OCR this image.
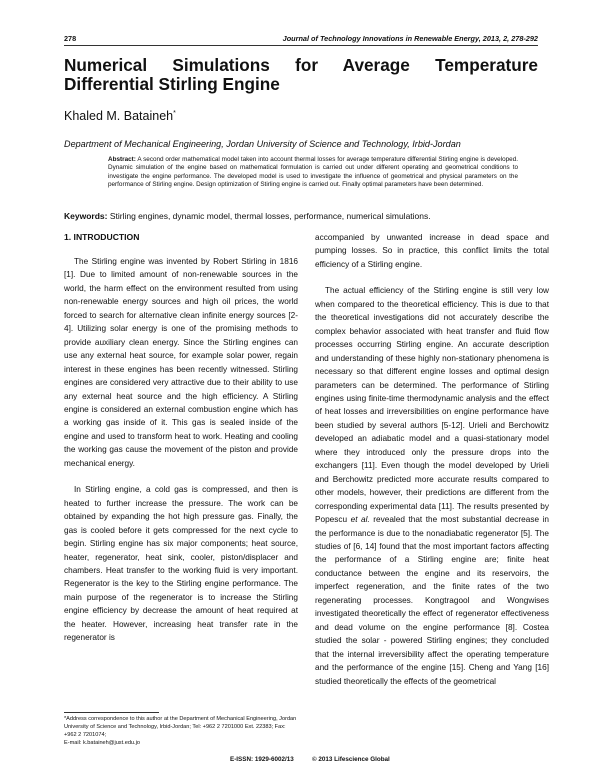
278	Journal of Technology Innovations in Renewable Energy, 2013, 2, 278-292
Numerical Simulations for Average Temperature Differential Stirling Engine
Khaled M. Bataineh*
Department of Mechanical Engineering, Jordan University of Science and Technology, Irbid-Jordan

Abstract: A second order mathematical model taken into account thermal losses for average temperature differential Stirling engine is developed. Dynamic simulation of the engine based on mathematical formulation is carried out under different operating and geometrical conditions to investigate the engine performance. The developed model is used to investigate the influence of geometrical and physical parameters on the performance of Stirling engine. Design optimization of Stirling engine is carried out. Finally optimal parameters have been determined.

Keywords: Stirling engines, dynamic model, thermal losses, performance, numerical simulations.

1. INTRODUCTION

The Stirling engine was invented by Robert Stirling in 1816 [1]. Due to limited amount of non-renewable sources in the world, the harm effect on the environment resulted from using non-renewable energy sources and high oil prices, the world forced to search for alternative clean infinite energy sources [2-4]. Utilizing solar energy is one of the promising methods to provide auxiliary clean energy. Since the Stirling engines can use any external heat source, for example solar power, regain interest in these engines has been recently witnessed. Stirling engines are considered very attractive due to their ability to use any external heat source and the high efficiency. A Stirling engine is considered an external combustion engine which has a working gas inside of it. This gas is sealed inside of the engine and used to transform heat to work. Heating and cooling the working gas cause the movement of the piston and provide mechanical energy.

In Stirling engine, a cold gas is compressed, and then is heated to further increase the pressure. The work can be obtained by expanding the hot high pressure gas. Finally, the gas is cooled before it gets compressed for the next cycle to begin. Stirling engine has six major components; heat source, heater, regenerator, heat sink, cooler, piston/displacer and chambers. Heat transfer to the working fluid is very important. Regenerator is the key to the Stirling engine performance. The main purpose of the regenerator is to increase the Stirling engine efficiency by decrease the amount of heat required at the heater. However, increasing heat transfer rate in the regenerator is

accompanied by unwanted increase in dead space and pumping losses. So in practice, this conflict limits the total efficiency of a Stirling engine.

The actual efficiency of the Stirling engine is still very low when compared to the theoretical efficiency. This is due to that the theoretical investigations did not accurately describe the complex behavior associated with heat transfer and fluid flow processes occurring Stirling engine. An accurate description and understanding of these highly non-stationary phenomena is necessary so that different engine losses and optimal design parameters can be determined. The performance of Stirling engines using finite-time thermodynamic analysis and the effect of heat losses and irreversibilities on engine performance have been studied by several authors [5-12]. Urieli and Berchowitz developed an adiabatic model and a quasi-stationary model where they introduced only the pressure drops into the exchangers [11]. Even though the model developed by Urieli and Berchowitz predicted more accurate results compared to other models, however, their predictions are different from the corresponding experimental data [11]. The results presented by Popescu et al. revealed that the most substantial decrease in the performance is due to the nonadiabatic regenerator [5]. The studies of [6, 14] found that the most important factors affecting the performance of a Stirling engine are; finite heat conductance between the engine and its reservoirs, the imperfect regeneration, and the finite rates of the two regenerating processes. Kongtragool and Wongwises investigated theoretically the effect of regenerator effectiveness and dead volume on the engine performance [8]. Costea studied the solar - powered Stirling engines; they concluded that the internal irreversibility affect the operating temperature and the performance of the engine [15]. Cheng and Yang [16] studied theoretically the effects of the geometrical

*Address correspondence to this author at the Department of Mechanical Engineering, Jordan University of Science and Technology, Irbid-Jordan; Tel: +962 2 7201000 Ext. 22383; Fax: +962 2 7201074;
E-mail: k.bataineh@just.edu.jo

E-ISSN: 1929-6002/13	© 2013 Lifescience Global
